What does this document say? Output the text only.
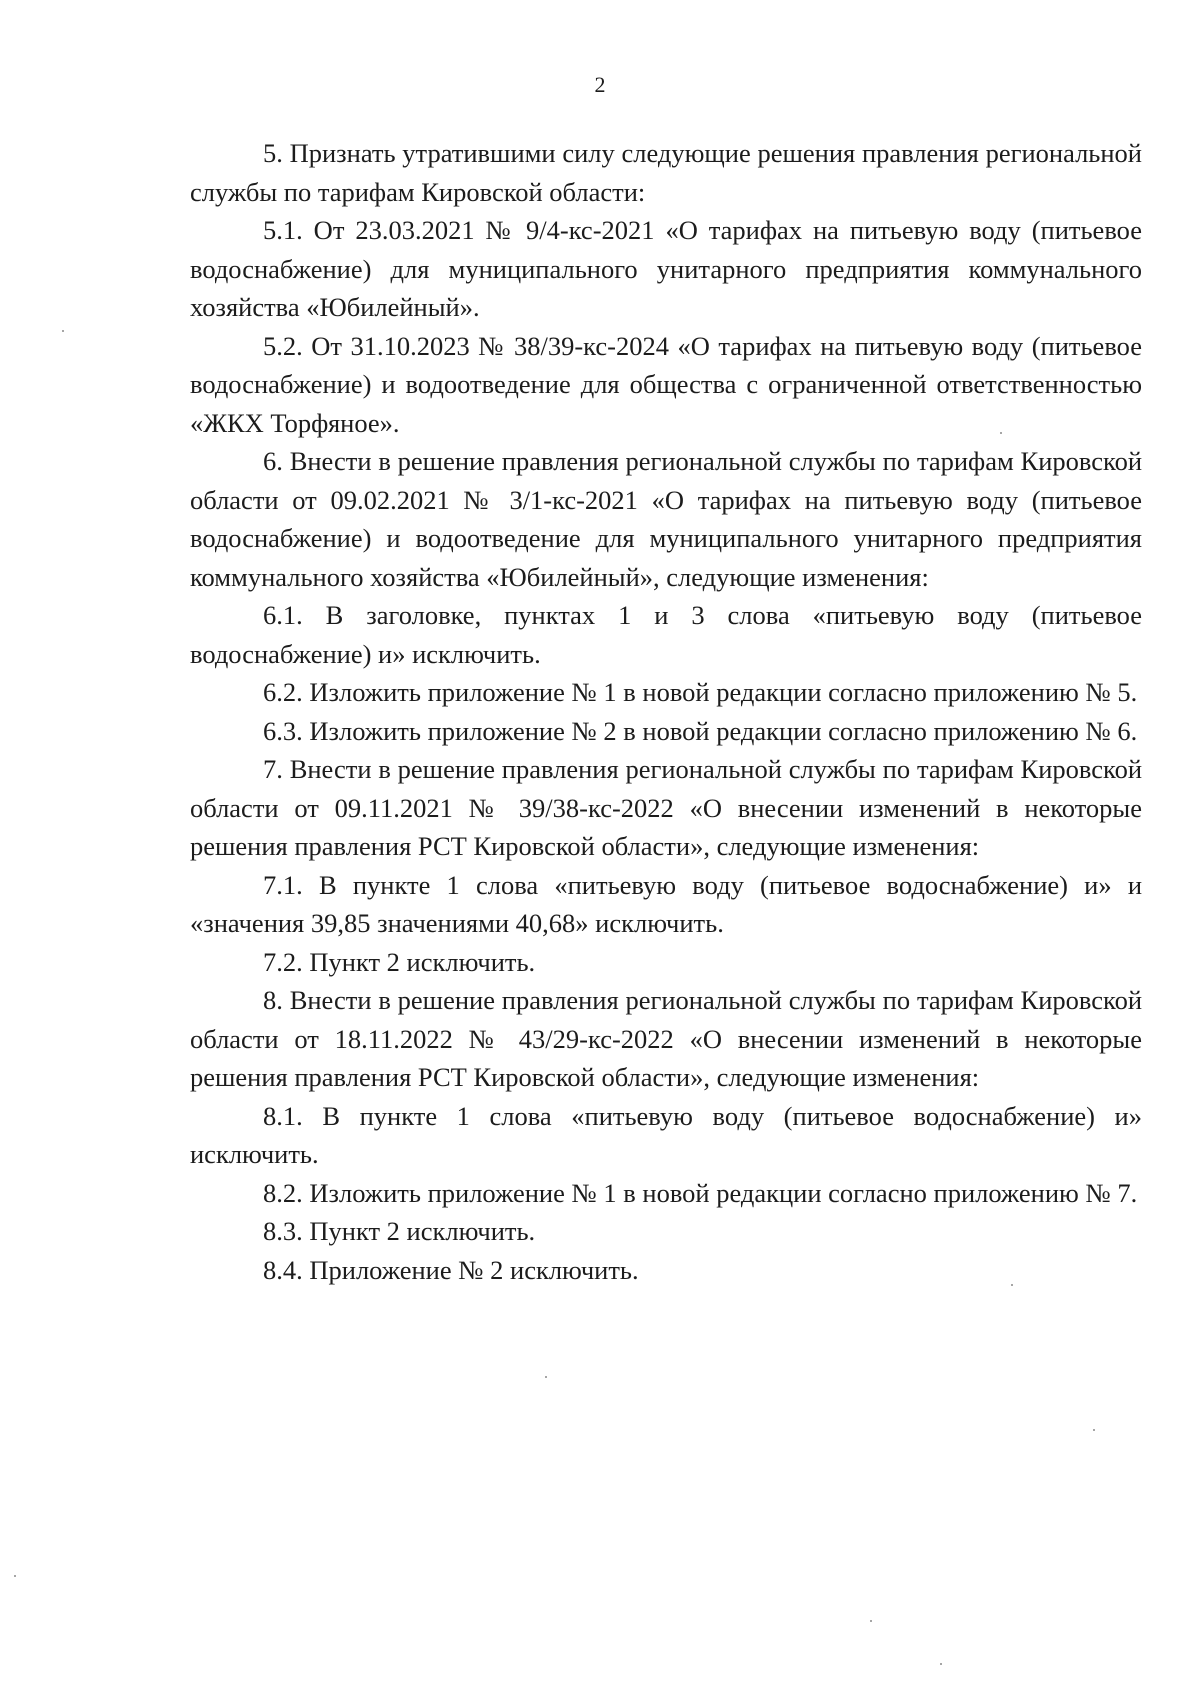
2

5. Признать утратившими силу следующие решения правления региональной службы по тарифам Кировской области:

5.1. От 23.03.2021 № 9/4-кс-2021 «О тарифах на питьевую воду (питьевое водоснабжение) для муниципального унитарного предприятия коммунального хозяйства «Юбилейный».

5.2. От 31.10.2023 № 38/39-кс-2024 «О тарифах на питьевую воду (питьевое водоснабжение) и водоотведение для общества с ограниченной ответственностью «ЖКХ Торфяное».

6. Внести в решение правления региональной службы по тарифам Кировской области от 09.02.2021 № 3/1-кс-2021 «О тарифах на питьевую воду (питьевое водоснабжение) и водоотведение для муниципального унитарного предприятия коммунального хозяйства «Юбилейный», следующие изменения:

6.1. В заголовке, пунктах 1 и 3 слова «питьевую воду (питьевое водоснабжение) и» исключить.

6.2. Изложить приложение № 1 в новой редакции согласно приложению № 5.

6.3. Изложить приложение № 2 в новой редакции согласно приложению № 6.

7. Внести в решение правления региональной службы по тарифам Кировской области от 09.11.2021 № 39/38-кс-2022 «О внесении изменений в некоторые решения правления РСТ Кировской области», следующие изменения:

7.1. В пункте 1 слова «питьевую воду (питьевое водоснабжение) и» и «значения 39,85 значениями 40,68» исключить.

7.2. Пункт 2 исключить.

8. Внести в решение правления региональной службы по тарифам Кировской области от 18.11.2022 № 43/29-кс-2022 «О внесении изменений в некоторые решения правления РСТ Кировской области», следующие изменения:

8.1. В пункте 1 слова «питьевую воду (питьевое водоснабжение) и» исключить.

8.2. Изложить приложение № 1 в новой редакции согласно приложению № 7.

8.3. Пункт 2 исключить.

8.4. Приложение № 2 исключить.
